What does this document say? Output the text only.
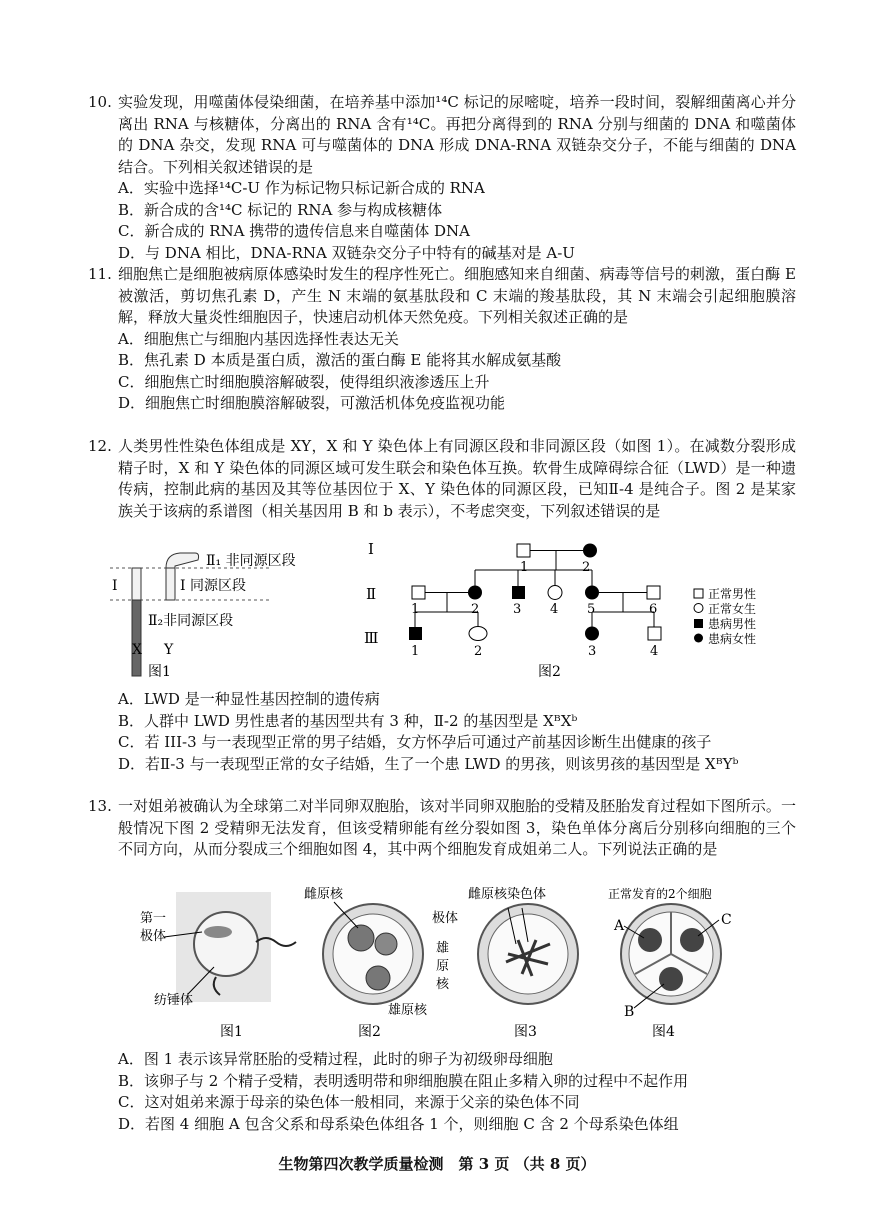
10. 实验发现，用噬菌体侵染细菌，在培养基中添加¹⁴C 标记的尿嘧啶，培养一段时间，裂解细菌离心并分离出 RNA 与核糖体，分离出的 RNA 含有¹⁴C。再把分离得到的 RNA 分别与细菌的 DNA 和噬菌体的 DNA 杂交，发现 RNA 可与噬菌体的 DNA 形成 DNA-RNA 双链杂交分子，不能与细菌的 DNA 结合。下列相关叙述错误的是
A．实验中选择¹⁴C-U 作为标记物只标记新合成的 RNA
B．新合成的含¹⁴C 标记的 RNA 参与构成核糖体
C．新合成的 RNA 携带的遗传信息来自噬菌体 DNA
D．与 DNA 相比，DNA-RNA 双链杂交分子中特有的碱基对是 A-U
11. 细胞焦亡是细胞被病原体感染时发生的程序性死亡。细胞感知来自细菌、病毒等信号的刺激，蛋白酶 E 被激活，剪切焦孔素 D，产生 N 末端的氨基肽段和 C 末端的羧基肽段，其 N 末端会引起细胞膜溶解，释放大量炎性细胞因子，快速启动机体天然免疫。下列相关叙述正确的是
A．细胞焦亡与细胞内基因选择性表达无关
B．焦孔素 D 本质是蛋白质，激活的蛋白酶 E 能将其水解成氨基酸
C．细胞焦亡时细胞膜溶解破裂，使得组织液渗透压上升
D．细胞焦亡时细胞膜溶解破裂，可激活机体免疫监视功能
12. 人类男性性染色体组成是 XY，X 和 Y 染色体上有同源区段和非同源区段（如图 1）。在减数分裂形成精子时，X 和 Y 染色体的同源区域可发生联会和染色体互换。软骨生成障碍综合征（LWD）是一种遗传病，控制此病的基因及其等位基因位于 X、Y 染色体的同源区段，已知Ⅱ-4 是纯合子。图 2 是某家族关于该病的系谱图（相关基因用 B 和 b 表示），不考虑突变，下列叙述错误的是
Ⅱ₁ 非同源区段
Ⅰ 同源区段
Ⅰ
Ⅱ₂非同源区段
X Y
图1
Ⅰ
Ⅱ
Ⅲ
1	2
1	2	3 4 5	6
1	2	3	4
图2
正常男性
正常女生
患病男性
患病女性
A．LWD 是一种显性基因控制的遗传病
B．人群中 LWD 男性患者的基因型共有 3 种，Ⅱ-2 的基因型是 XᴮXᵇ
C．若 III-3 与一表现型正常的男子结婚，女方怀孕后可通过产前基因诊断生出健康的孩子
D．若Ⅱ-3 与一表现型正常的女子结婚，生了一个患 LWD 的男孩，则该男孩的基因型是 XᴮYᵇ
13. 一对姐弟被确认为全球第二对半同卵双胞胎，该对半同卵双胞胎的受精及胚胎发育过程如下图所示。一般情况下图 2 受精卵无法发育，但该受精卵能有丝分裂如图 3，染色单体分离后分别移向细胞的三个不同方向，从而分裂成三个细胞如图 4，其中两个细胞发育成姐弟二人。下列说法正确的是
第一
极体
纺锤体
图1
雌原核
极体
雄
原
核
雄原核
图2
雌原核染色体
图3
正常发育的2个细胞
A	C
B
图4
A．图 1 表示该异常胚胎的受精过程，此时的卵子为初级卵母细胞
B．该卵子与 2 个精子受精，表明透明带和卵细胞膜在阻止多精入卵的过程中不起作用
C．这对姐弟来源于母亲的染色体一般相同，来源于父亲的染色体不同
D．若图 4 细胞 A 包含父系和母系染色体组各 1 个，则细胞 C 含 2 个母系染色体组
生物第四次教学质量检测　第 3 页 （共 8 页）
